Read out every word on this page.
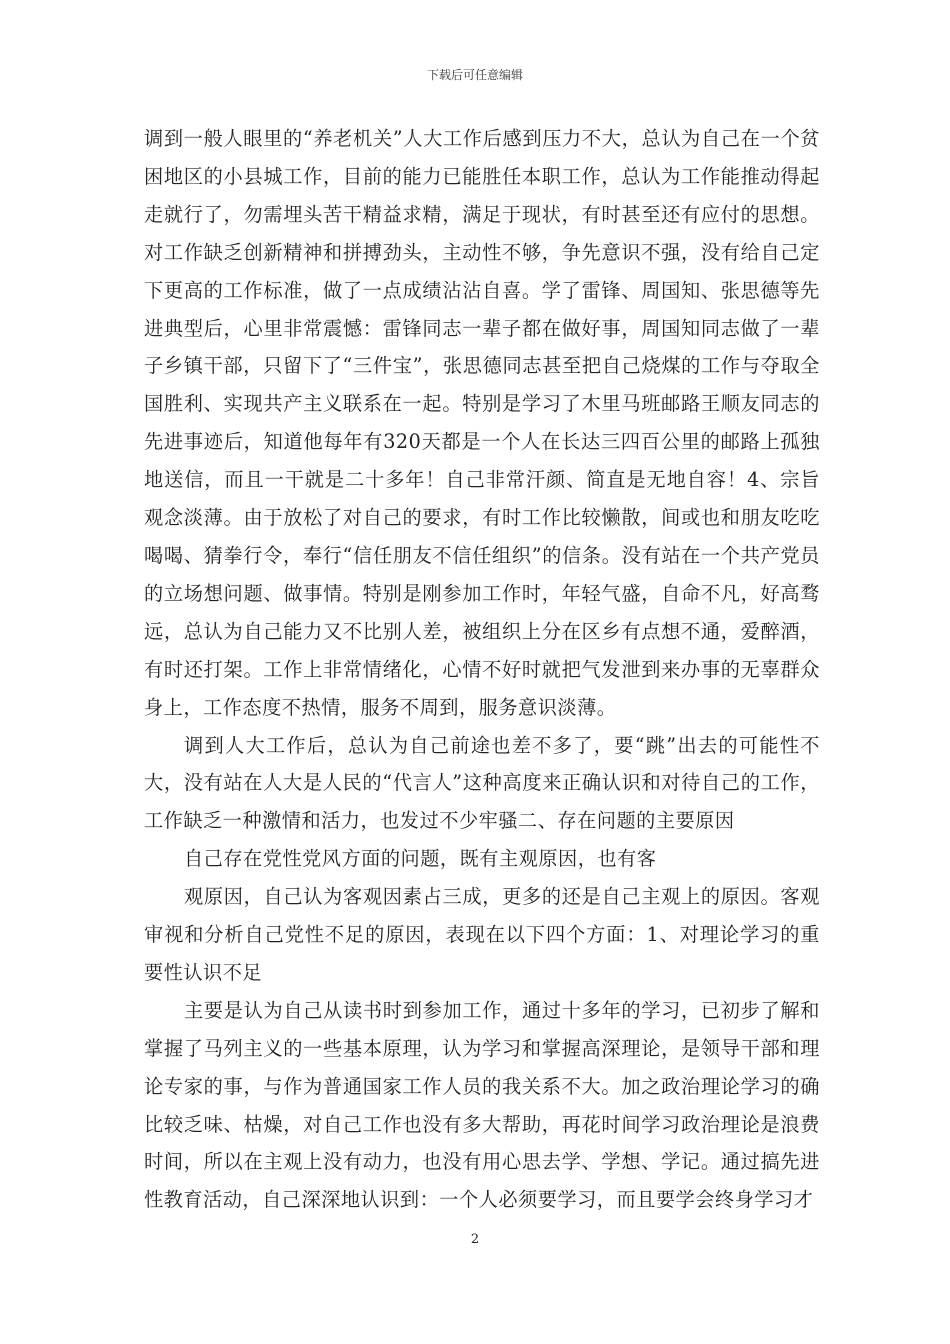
下载后可任意编辑

调到一般人眼里的“养老机关”人大工作后感到压力不大，总认为自己在一个贫困地区的小县城工作，目前的能力已能胜任本职工作，总认为工作能推动得起走就行了，勿需埋头苦干精益求精，满足于现状，有时甚至还有应付的思想。对工作缺乏创新精神和拼搏劲头，主动性不够，争先意识不强，没有给自己定下更高的工作标准，做了一点成绩沾沾自喜。学了雷锋、周国知、张思德等先进典型后，心里非常震憾：雷锋同志一辈子都在做好事，周国知同志做了一辈子乡镇干部，只留下了“三件宝”，张思德同志甚至把自己烧煤的工作与夺取全国胜利、实现共产主义联系在一起。特别是学习了木里马班邮路王顺友同志的先进事迹后，知道他每年有320天都是一个人在长达三四百公里的邮路上孤独地送信，而且一干就是二十多年！自己非常汗颜、简直是无地自容！4、宗旨观念淡薄。由于放松了对自己的要求，有时工作比较懒散，间或也和朋友吃吃喝喝、猜拳行令，奉行“信任朋友不信任组织”的信条。没有站在一个共产党员的立场想问题、做事情。特别是刚参加工作时，年轻气盛，自命不凡，好高骛远，总认为自己能力又不比别人差，被组织上分在区乡有点想不通，爱醉酒，有时还打架。工作上非常情绪化，心情不好时就把气发泄到来办事的无辜群众身上，工作态度不热情，服务不周到，服务意识淡薄。

调到人大工作后，总认为自己前途也差不多了，要“跳”出去的可能性不大，没有站在人大是人民的“代言人”这种高度来正确认识和对待自己的工作，工作缺乏一种激情和活力，也发过不少牢骚二、存在问题的主要原因

自己存在党性党风方面的问题，既有主观原因，也有客

观原因，自己认为客观因素占三成，更多的还是自己主观上的原因。客观审视和分析自己党性不足的原因，表现在以下四个方面：1、对理论学习的重要性认识不足

主要是认为自己从读书时到参加工作，通过十多年的学习，已初步了解和掌握了马列主义的一些基本原理，认为学习和掌握高深理论，是领导干部和理论专家的事，与作为普通国家工作人员的我关系不大。加之政治理论学习的确比较乏味、枯燥，对自己工作也没有多大帮助，再花时间学习政治理论是浪费时间，所以在主观上没有动力，也没有用心思去学、学想、学记。通过搞先进性教育活动，自己深深地认识到：一个人必须要学习，而且要学会终身学习才

2
